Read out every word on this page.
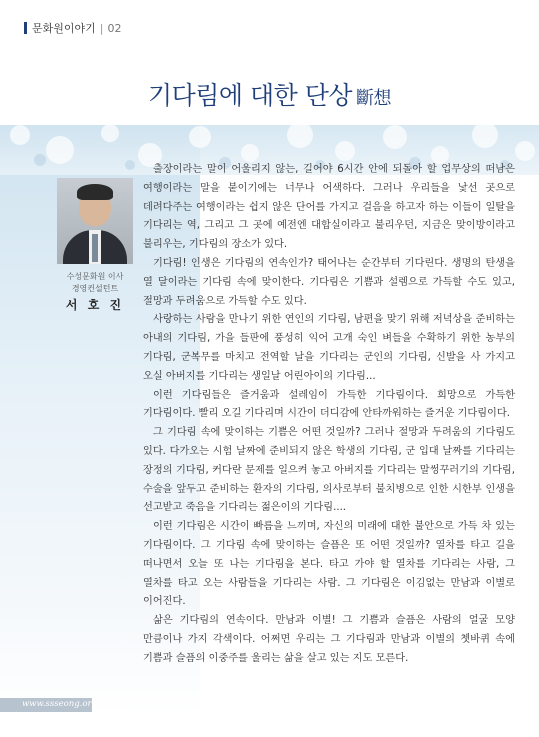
문화원이야기 | 02
기다림에 대한 단상 斷想
수성문화원 이사
경영컨설턴트
서 호 진

출장이라는 말이 어울리지 않는, 길어야 6시간 안에 되돌아 할 업무상의 떠남은 여행이라는 말을 붙이기에는 너무나 어색하다. 그러나 우리들을 낯선 곳으로 데려다주는 여행이라는 쉽지 않은 단어를 가지고 걸음을 하고자 하는 이들이 일탈을 기다리는 역, 그리고 그 곳에 예전엔 대합실이라고 불리우던, 지금은 맞이방이라고 불리우는, 기다림의 장소가 있다.

기다림! 인생은 기다림의 연속인가? 태어나는 순간부터 기다린다. 생명의 탄생을 열 달이라는 기다림 속에 맞이한다. 기다림은 기쁨과 설렘으로 가득할 수도 있고, 절망과 두려움으로 가득할 수도 있다.

사랑하는 사람을 만나기 위한 연인의 기다림, 남편을 맞기 위해 저녁상을 준비하는 아내의 기다림, 가을 들판에 풍성히 익어 고개 숙인 벼들을 수확하기 위한 농부의 기다림, 군복무를 마치고 전역할 날을 기다리는 군인의 기다림, 신발을 사 가지고 오실 아버지를 기다리는 생일날 어린아이의 기다림...

이런 기다림들은 즐거움과 설레임이 가득한 기다림이다. 희망으로 가득한 기다림이다. 빨리 오길 기다리며 시간이 더디감에 안타까워하는 즐거운 기다림이다.

그 기다림 속에 맞이하는 기쁨은 어떤 것일까? 그러나 절망과 두려움의 기다림도 있다. 다가오는 시험 날짜에 준비되지 않은 학생의 기다림, 군 입대 날짜를 기다리는 장정의 기다림, 커다란 문제를 일으켜 놓고 아버지를 기다리는 말썽꾸러기의 기다림, 수술을 앞두고 준비하는 환자의 기다림, 의사로부터 불치병으로 인한 시한부 인생을 선고받고 죽음을 기다리는 젊은이의 기다림....

이런 기다림은 시간이 빠름을 느끼며, 자신의 미래에 대한 불안으로 가득 차 있는 기다림이다. 그 기다림 속에 맞이하는 슬픔은 또 어떤 것일까? 열차를 타고 길을 떠나면서 오늘 또 나는 기다림을 본다. 타고 가야 할 열차를 기다리는 사람, 그 열차를 타고 오는 사람들을 기다리는 사람. 그 기다림은 이김없는 만남과 이별로 이어진다.

삶은 기다림의 연속이다. 만남과 이별! 그 기쁨과 슬픔은 사람의 얼굴 모양 만큼이나 가지 각색이다. 어쩌면 우리는 그 기다림과 만남과 이별의 쳇바퀴 속에 기쁨과 슬픔의 이중주를 울리는 삶을 살고 있는 지도 모른다.

www.ssseong.org
